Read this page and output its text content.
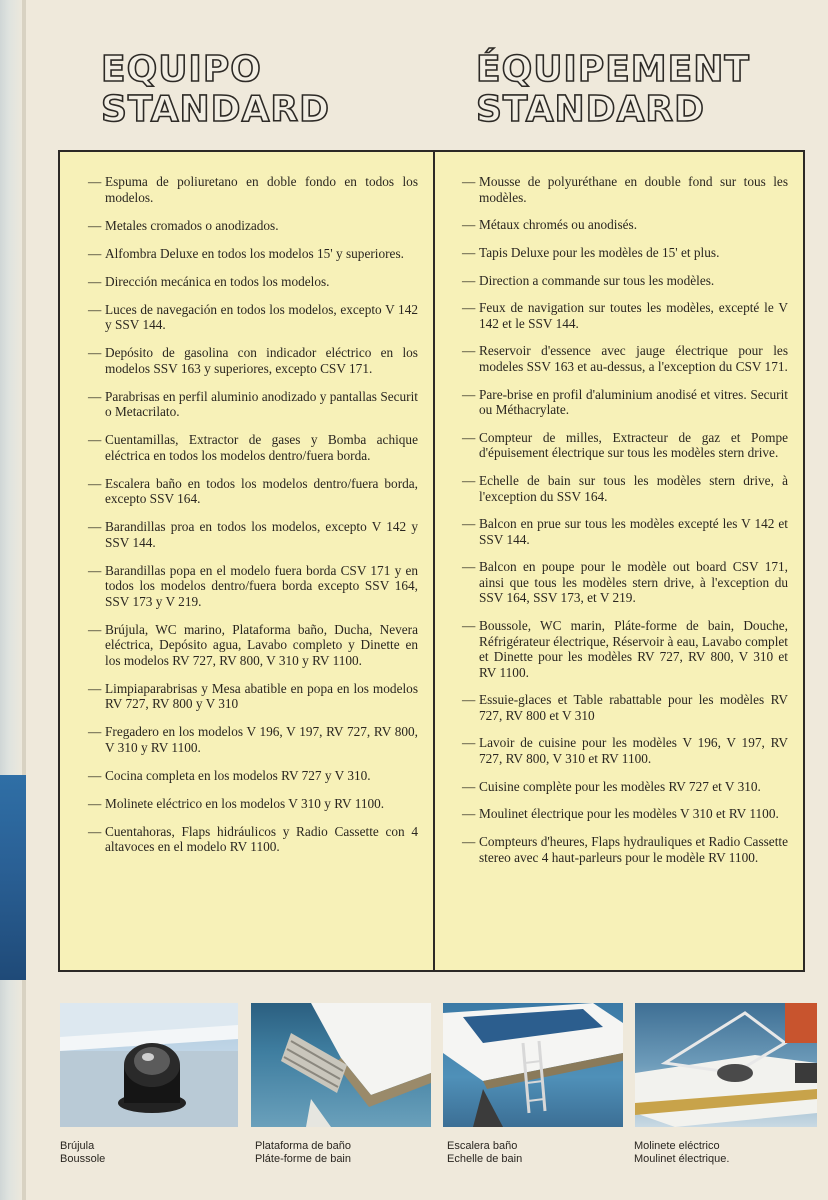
EQUIPO
STANDARD
ÉQUIPEMENT
STANDARD
— Espuma de poliuretano en doble fondo en todos los modelos.
— Metales cromados o anodizados.
— Alfombra Deluxe en todos los modelos 15' y superiores.
— Dirección mecánica en todos los modelos.
— Luces de navegación en todos los modelos, excepto V 142 y SSV 144.
— Depósito de gasolina con indicador eléctrico en los modelos SSV 163 y superiores, excepto CSV 171.
— Parabrisas en perfil aluminio anodizado y pantallas Securit o Metacrilato.
— Cuentamillas, Extractor de gases y Bomba achique eléctrica en todos los modelos dentro/fuera borda.
— Escalera baño en todos los modelos dentro/fuera borda, excepto SSV 164.
— Barandillas proa en todos los modelos, excepto V 142 y SSV 144.
— Barandillas popa en el modelo fuera borda CSV 171 y en todos los modelos dentro/fuera borda excepto SSV 164, SSV 173 y V 219.
— Brújula, WC marino, Plataforma baño, Ducha, Nevera eléctrica, Depósito agua, Lavabo completo y Dinette en los modelos RV 727, RV 800, V 310 y RV 1100.
— Limpiaparabrisas y Mesa abatible en popa en los modelos RV 727, RV 800 y V 310
— Fregadero en los modelos V 196, V 197, RV 727, RV 800, V 310 y RV 1100.
— Cocina completa en los modelos RV 727 y V 310.
— Molinete eléctrico en los modelos V 310 y RV 1100.
— Cuentahoras, Flaps hidráulicos y Radio Cassette con 4 altavoces en el modelo RV 1100.
— Mousse de polyuréthane en double fond sur tous les modèles.
— Métaux chromés ou anodisés.
— Tapis Deluxe pour les modèles de 15' et plus.
— Direction a commande sur tous les modèles.
— Feux de navigation sur toutes les modèles, excepté le V 142 et le SSV 144.
— Reservoir d'essence avec jauge électrique pour les modeles SSV 163 et au-dessus, a l'exception du CSV 171.
— Pare-brise en profil d'aluminium anodisé et vitres. Securit ou Méthacrylate.
— Compteur de milles, Extracteur de gaz et Pompe d'épuisement électrique sur tous les modèles stern drive.
— Echelle de bain sur tous les modèles stern drive, à l'exception du SSV 164.
— Balcon en prue sur tous les modèles excepté les V 142 et SSV 144.
— Balcon en poupe pour le modèle out board CSV 171, ainsi que tous les modèles stern drive, à l'exception du SSV 164, SSV 173, et V 219.
— Boussole, WC marin, Pláte-forme de bain, Douche, Réfrigérateur électrique, Réservoir à eau, Lavabo complet et Dinette pour les modèles RV 727, RV 800, V 310 et RV 1100.
— Essuie-glaces et Table rabattable pour les modèles RV 727, RV 800 et V 310
— Lavoir de cuisine pour les modèles V 196, V 197, RV 727, RV 800, V 310 et RV 1100.
— Cuisine complète pour les modèles RV 727 et V 310.
— Moulinet électrique pour les modèles V 310 et RV 1100.
— Compteurs d'heures, Flaps hydrauliques et Radio Cassette stereo avec 4 haut-parleurs pour le modèle RV 1100.
Brújula
Boussole
Plataforma de baño
Pláte-forme de bain
Escalera baño
Echelle de bain
Molinete eléctrico
Moulinet électrique.
